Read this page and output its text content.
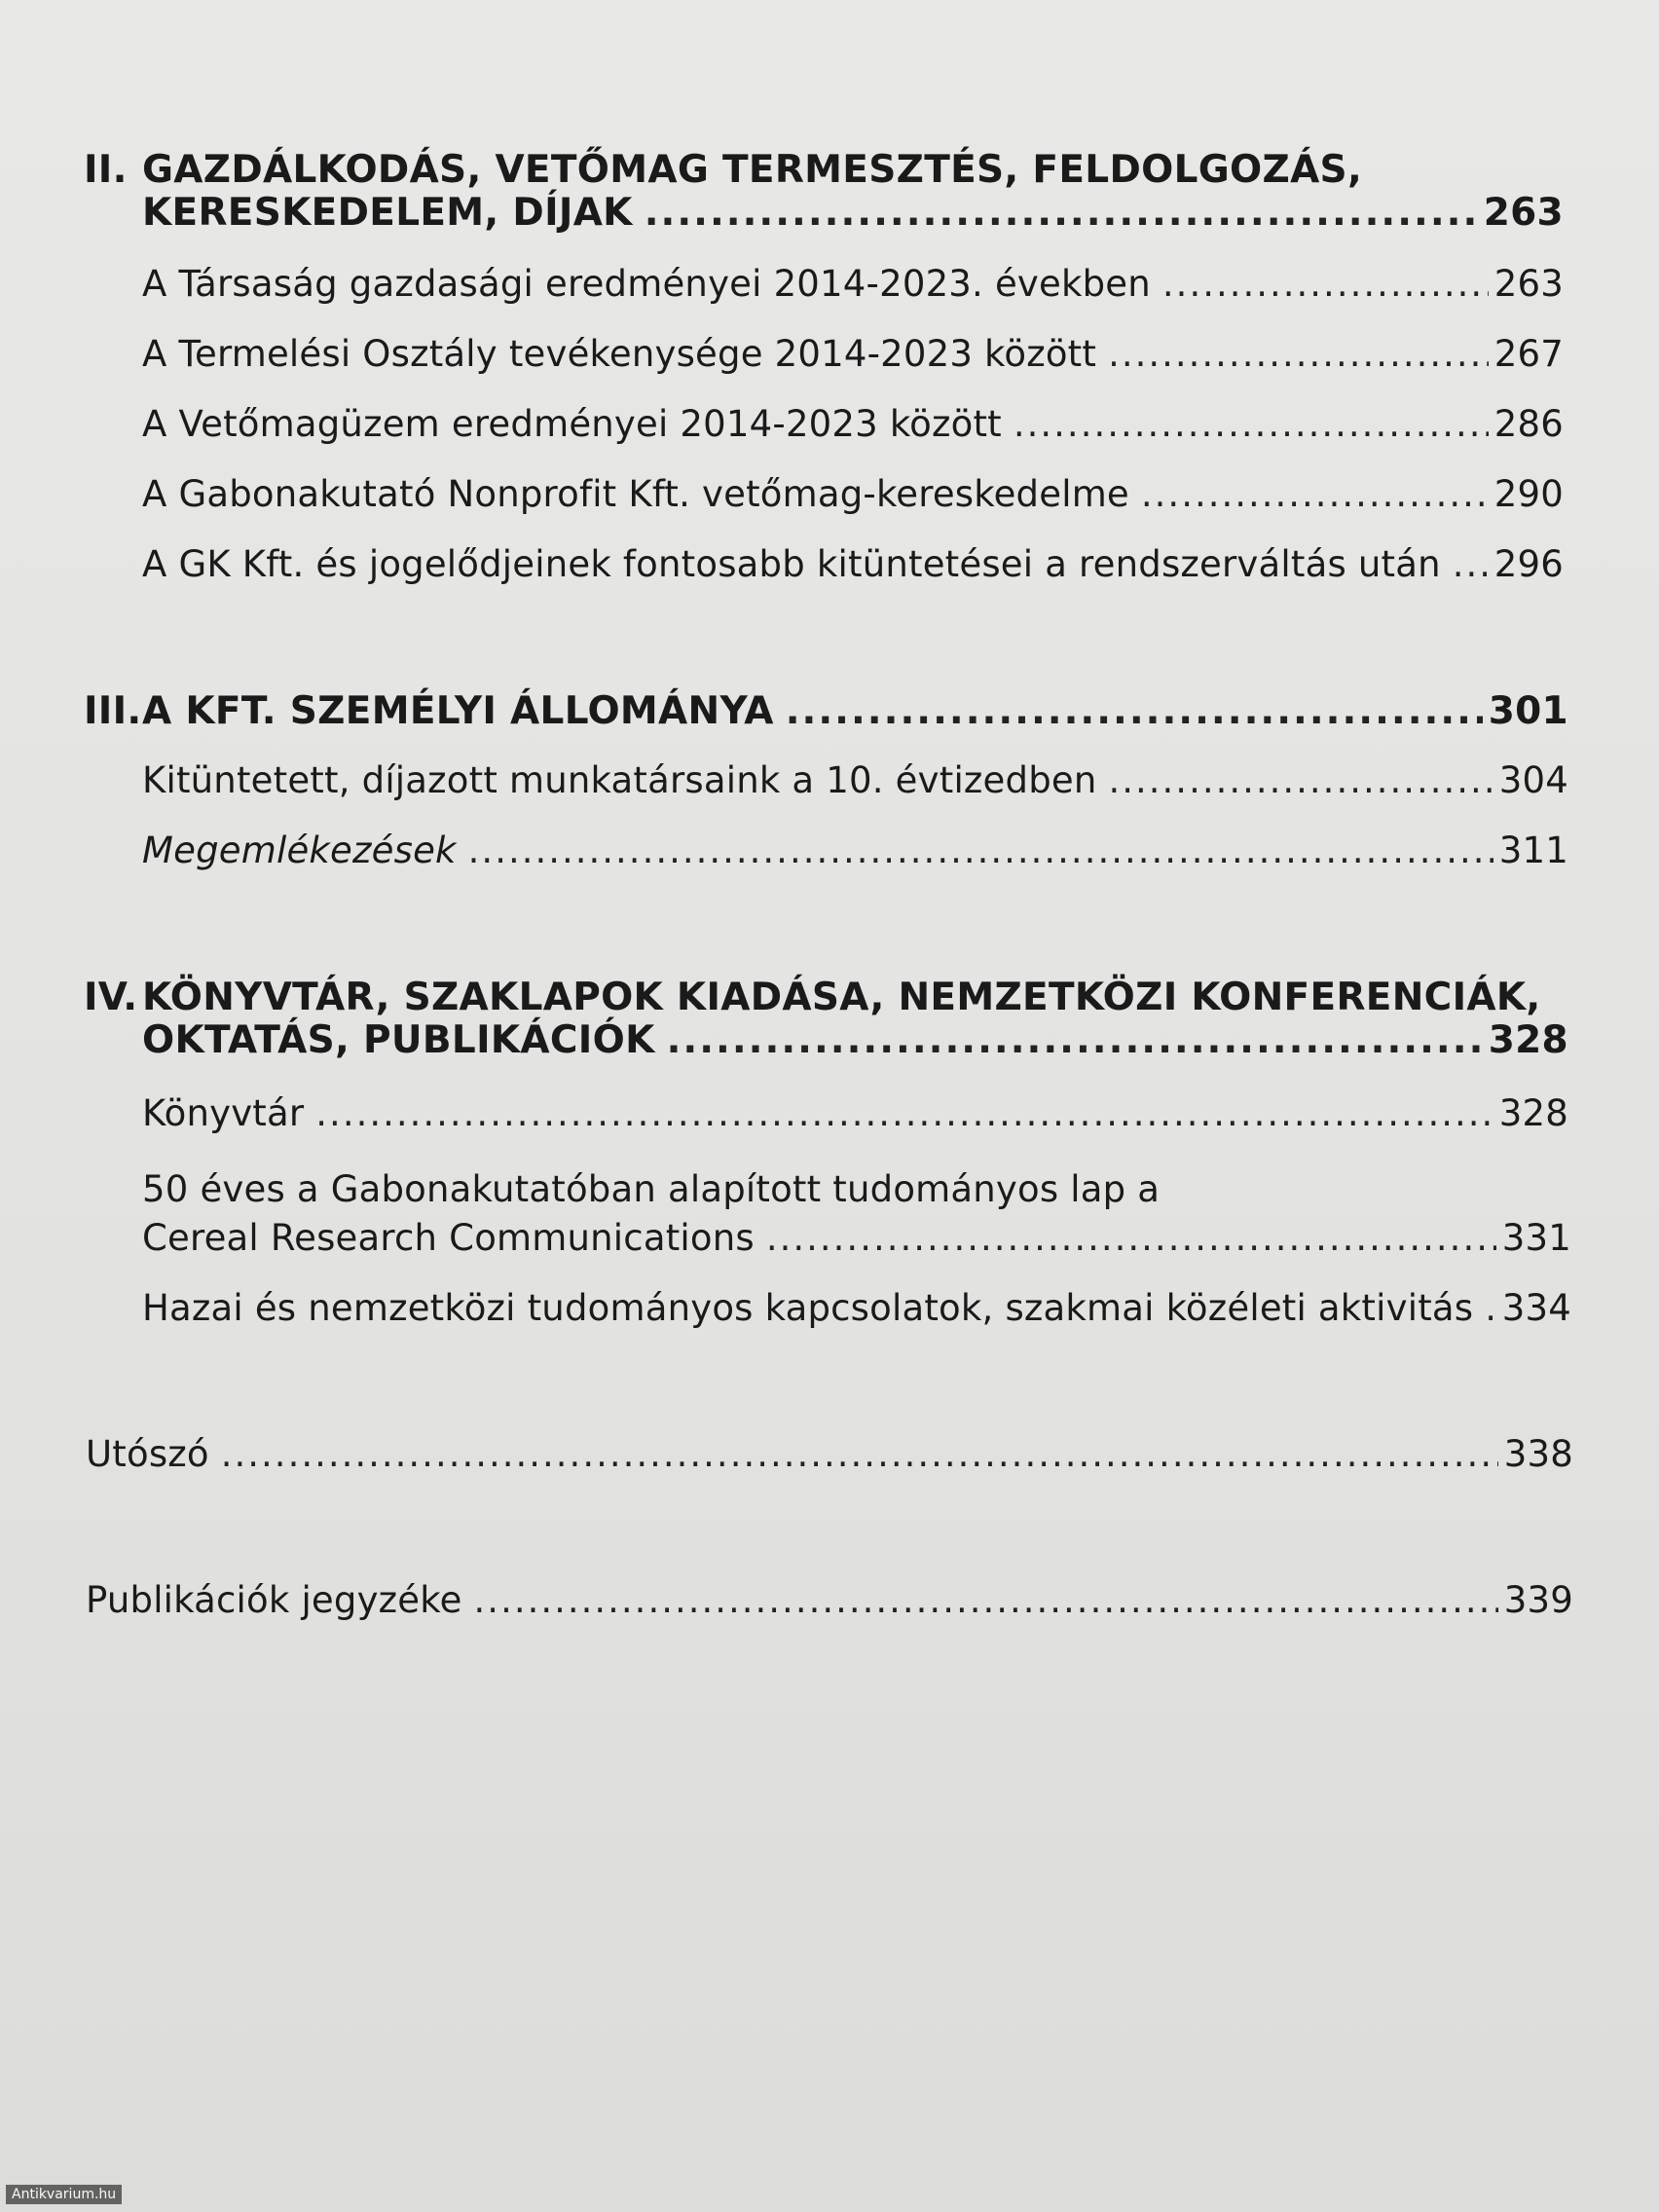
II. GAZDÁLKODÁS, VETŐMAG TERMESZTÉS, FELDOLGOZÁS,
KERESKEDELEM, DÍJAK .....	263
A Társaság gazdasági eredményei 2014-2023. években .....	263
A Termelési Osztály tevékenysége 2014-2023 között .....	267
A Vetőmagüzem eredményei 2014-2023 között .....	286
A Gabonakutató Nonprofit Kft. vetőmag-kereskedelme .....	290
A GK Kft. és jogelődjeinek fontosabb kitüntetései a rendszerváltás után ..... 296
III.A KFT. SZEMÉLYI ÁLLOMÁNYA .....	301
Kitüntetett, díjazott munkatársaink a 10. évtizedben .....	304
Megemlékezések .....	311
IV. KÖNYVTÁR, SZAKLAPOK KIADÁSA, NEMZETKÖZI KONFERENCIÁK,
OKTATÁS, PUBLIKÁCIÓK .....	328
Könyvtár .....	328
50 éves a Gabonakutatóban alapított tudományos lap a
Cereal Research Communications .....	331
Hazai és nemzetközi tudományos kapcsolatok, szakmai közéleti aktivitás ..... 334
Utószó .....	338
Publikációk jegyzéke .....	339
Antikvarium.hu
